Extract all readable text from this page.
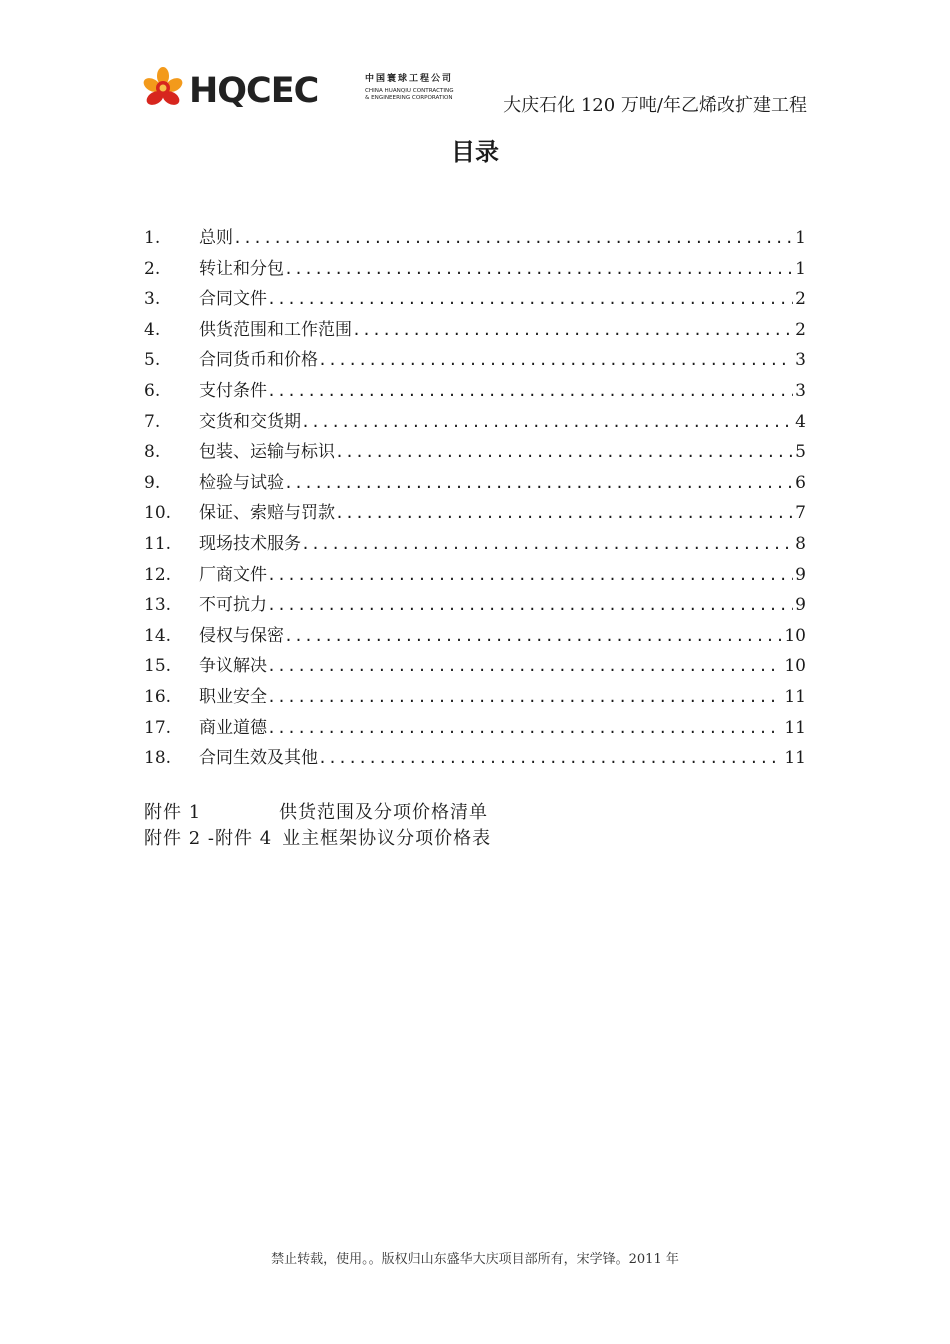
HQCEC	中国寰球工程公司
CHINA HUANQIU CONTRACTING
& ENGINEERING CORPORATION	大庆石化 120 万吨/年乙烯改扩建工程
目录
1.	总则 .....	1
2.	转让和分包 .....	1
3.	合同文件 .....	2
4.	供货范围和工作范围 .....	2
5.	合同货币和价格 .....	3
6.	支付条件 .....	3
7.	交货和交货期 .....	4
8.	包装、运输与标识 .....	5
9.	检验与试验 .....	6
10.	保证、索赔与罚款 .....	7
11.	现场技术服务 .....	8
12.	厂商文件 .....	9
13.	不可抗力 .....	9
14.	侵权与保密 .....	10
15.	争议解决 .....	10
16.	职业安全 .....	11
17.	商业道德 .....	11
18.	合同生效及其他 .....	11
附件 1	供货范围及分项价格清单
附件 2 -附件 4 业主框架协议分项价格表
禁止转载，使用。。版权归山东盛华大庆项目部所有，宋学锋。2011 年
